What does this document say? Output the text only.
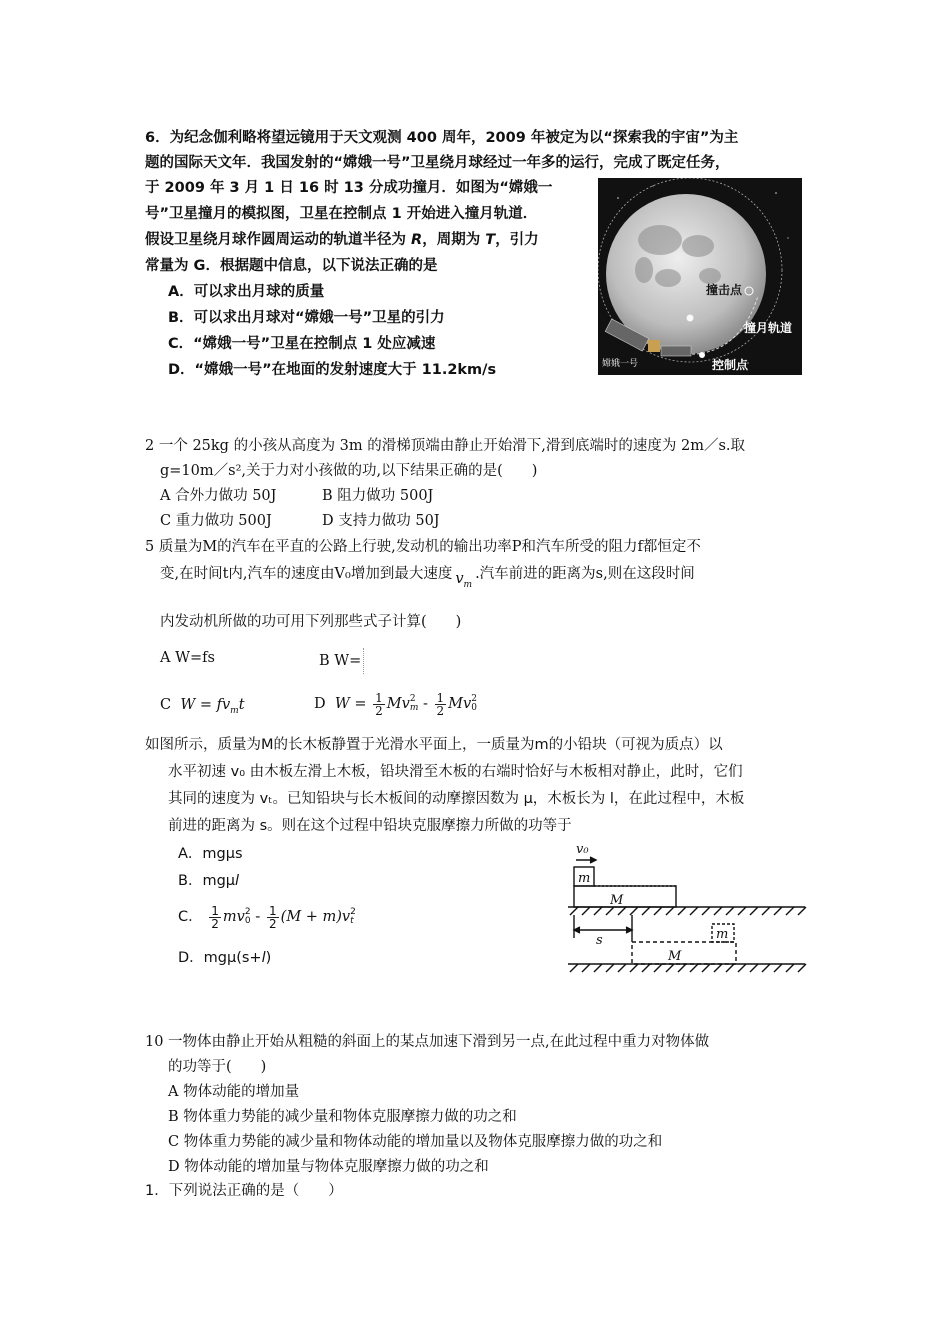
6．为纪念伽利略将望远镜用于天文观测 400 周年，2009 年被定为以“探索我的宇宙”为主
题的国际天文年．我国发射的“嫦娥一号”卫星绕月球经过一年多的运行，完成了既定任务，
于 2009 年 3 月 1 日 16 时 13 分成功撞月．如图为“嫦娥一
号”卫星撞月的模拟图，卫星在控制点 1 开始进入撞月轨道．
假设卫星绕月球作圆周运动的轨道半径为 R，周期为 T，引力
常量为 G．根据题中信息，以下说法正确的是
A．可以求出月球的质量
B．可以求出月球对“嫦娥一号”卫星的引力
C．“嫦娥一号”卫星在控制点 1 处应减速
D．“嫦娥一号”在地面的发射速度大于 11.2km/s
撞击点
撞月轨道
嫦娥一号	控制点
2 一个 25kg 的小孩从高度为 3m 的滑梯顶端由静止开始滑下,滑到底端时的速度为 2m／s.取
g=10m／s²,关于力对小孩做的功,以下结果正确的是(　　)
A 合外力做功 50J	B 阻力做功 500J
C 重力做功 500J	D 支持力做功 50J
5 质量为M的汽车在平直的公路上行驶,发动机的输出功率P和汽车所受的阻力f都恒定不
变,在时间t内,汽车的速度由V₀增加到最大速度 $v_m$.汽车前进的距离为s,则在这段时间
内发动机所做的功可用下列那些式子计算(　　)
A W=fs	B W=
C $W = fv_mt$	D $W = \frac{1}{2}$ Mv 2
m - $\frac{1}{2}$ Mv 2
0
如图所示，质量为M的长木板静置于光滑水平面上，一质量为m的小铅块（可视为质点）以
水平初速 v₀ 由木板左滑上木板，铅块滑至木板的右端时恰好与木板相对静止，此时，它们
其同的速度为 vₜ。已知铅块与长木板间的动摩擦因数为 μ，木板长为 l，在此过程中，木板
前进的距离为 s。则在这个过程中铅块克服摩擦力所做的功等于
A．mgμs
B．mgμl
C． $\frac{1}{2}$ mv 2
$0 - \frac{1}{2} (M + m)v$ 2
t
D．mgμ(s+l)
v₀
m
M
s	m
M
10 一物体由静止开始从粗糙的斜面上的某点加速下滑到另一点,在此过程中重力对物体做
的功等于(　　)
A 物体动能的增加量
B 物体重力势能的减少量和物体克服摩擦力做的功之和
C 物体重力势能的减少量和物体动能的增加量以及物体克服摩擦力做的功之和
D 物体动能的增加量与物体克服摩擦力做的功之和
1．下列说法正确的是（　　）
